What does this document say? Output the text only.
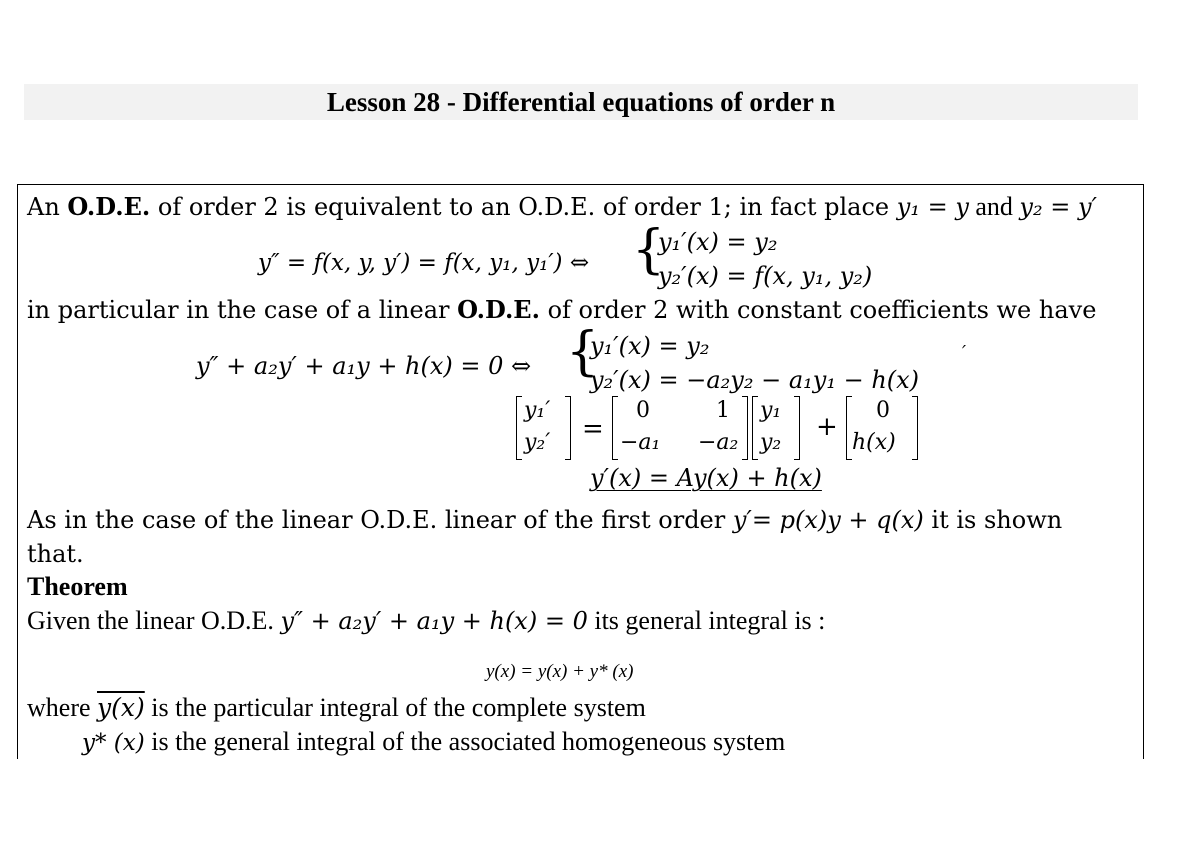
Lesson 28 - Differential equations of order n
An O.D.E. of order 2 is equivalent to an O.D.E. of order 1; in fact place y₁ = y and y₂ = y′
y″ = f(x, y, y′) = f(x, y₁, y₁′) ⇔ {
y₁′(x) = y₂
y₂′(x) = f(x, y₁, y₂)
in particular in the case of a linear O.D.E. of order 2 with constant coefficients we have
y″ + a₂y′ + a₁y + h(x) = 0 ⇔ {
y₁′(x) = y₂
y₂′(x) = −a₂y₂ − a₁y₁ − h(x)
′
y₁′
y₂′ =
0	1
−a₁ −a₂
y₁
y₂
+
0
h(x)
y′(x) = Ay(x) + h(x)
As in the case of the linear O.D.E. linear of the first order y′= p(x)y + q(x) it is shown
that.
Theorem
Given the linear O.D.E. y″ + a₂y′ + a₁y + h(x) = 0 its general integral is :
y(x) = y(x) + y* (x)
where y(x) is the particular integral of the complete system
y* (x) is the general integral of the associated homogeneous system
